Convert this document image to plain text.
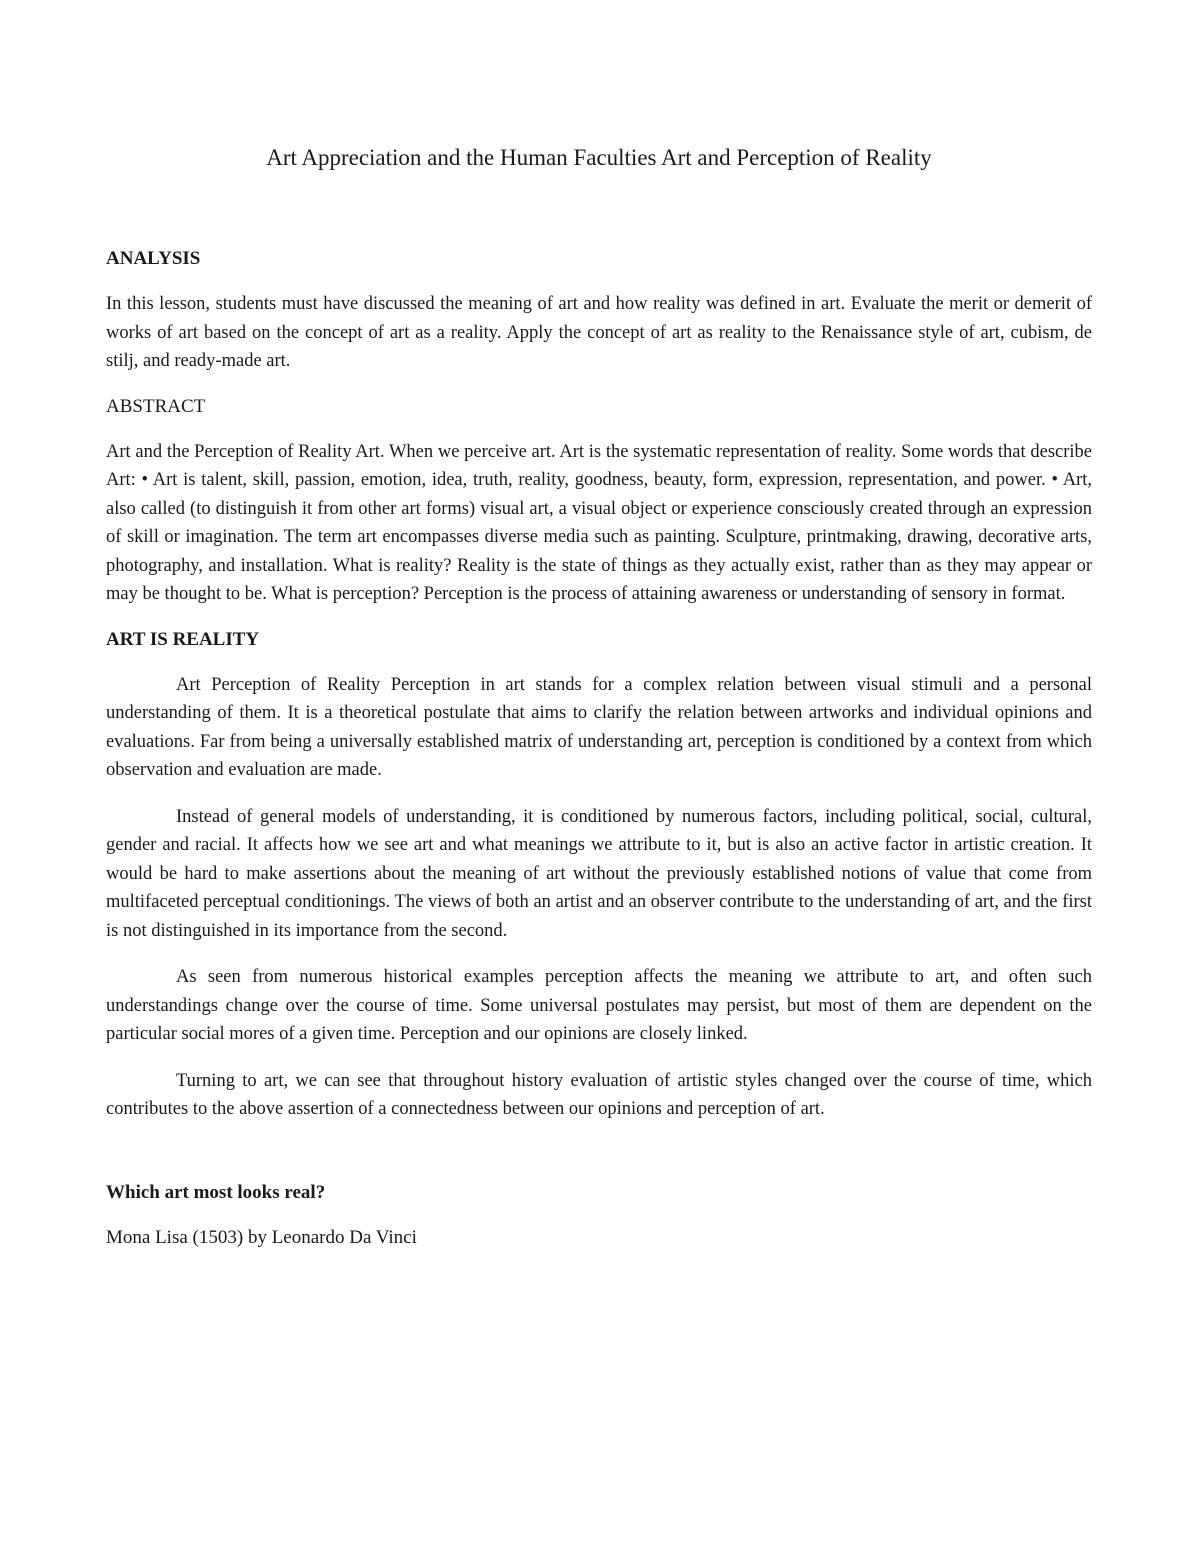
Art Appreciation and the Human Faculties Art and Perception of Reality
ANALYSIS

In this lesson, students must have discussed the meaning of art and how reality was defined in art. Evaluate the merit or demerit of works of art based on the concept of art as a reality. Apply the concept of art as reality to the Renaissance style of art, cubism, de stilj, and ready-made art.

ABSTRACT

Art and the Perception of Reality Art. When we perceive art. Art is the systematic representation of reality. Some words that describe Art: • Art is talent, skill, passion, emotion, idea, truth, reality, goodness, beauty, form, expression, representation, and power. • Art, also called (to distinguish it from other art forms) visual art, a visual object or experience consciously created through an expression of skill or imagination. The term art encompasses diverse media such as painting. Sculpture, printmaking, drawing, decorative arts, photography, and installation. What is reality? Reality is the state of things as they actually exist, rather than as they may appear or may be thought to be. What is perception? Perception is the process of attaining awareness or understanding of sensory in format.

ART IS REALITY

Art Perception of Reality Perception in art stands for a complex relation between visual stimuli and a personal understanding of them. It is a theoretical postulate that aims to clarify the relation between artworks and individual opinions and evaluations. Far from being a universally established matrix of understanding art, perception is conditioned by a context from which observation and evaluation are made.

Instead of general models of understanding, it is conditioned by numerous factors, including political, social, cultural, gender and racial. It affects how we see art and what meanings we attribute to it, but is also an active factor in artistic creation. It would be hard to make assertions about the meaning of art without the previously established notions of value that come from multifaceted perceptual conditionings. The views of both an artist and an observer contribute to the understanding of art, and the first is not distinguished in its importance from the second.

As seen from numerous historical examples perception affects the meaning we attribute to art, and often such understandings change over the course of time. Some universal postulates may persist, but most of them are dependent on the particular social mores of a given time. Perception and our opinions are closely linked.

Turning to art, we can see that throughout history evaluation of artistic styles changed over the course of time, which contributes to the above assertion of a connectedness between our opinions and perception of art.

Which art most looks real?

Mona Lisa (1503) by Leonardo Da Vinci
